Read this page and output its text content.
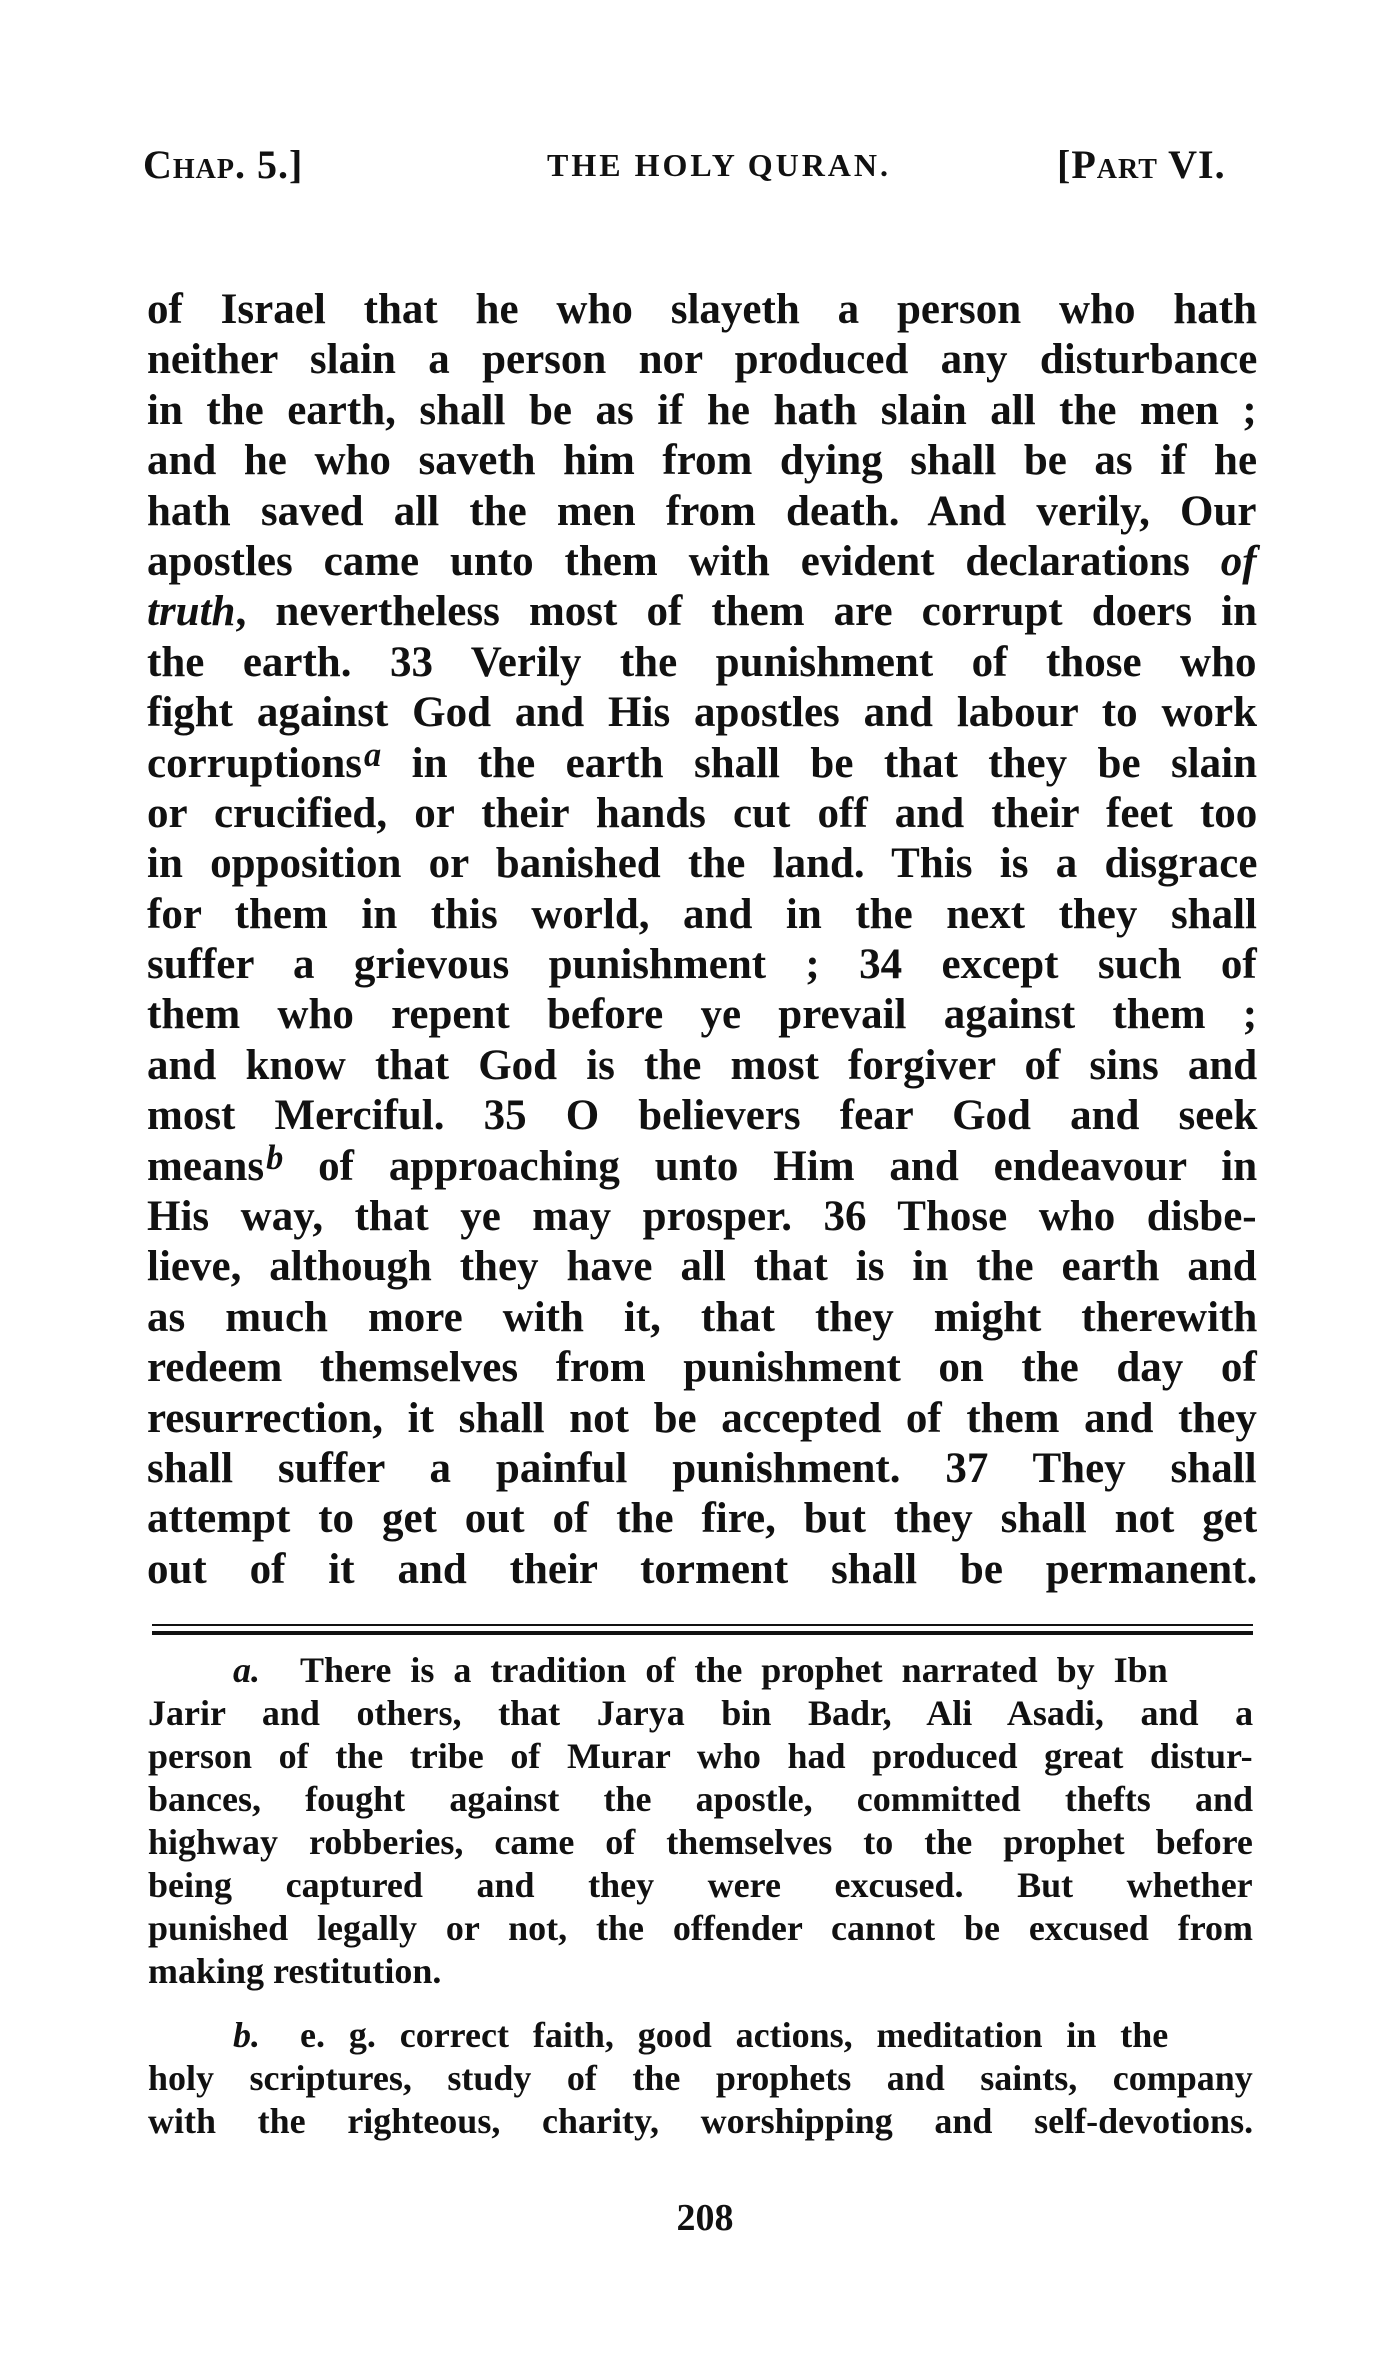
Chap. 5.]	THE HOLY QURAN.	[Part VI.
of Israel that he who slayeth a person who hath
neither slain a person nor produced any disturbance
in the earth, shall be as if he hath slain all the men ;
and he who saveth him from dying shall be as if he
hath saved all the men from death. And verily, Our
apostles came unto them with evident declarations of
truth, nevertheless most of them are corrupt doers in
the earth. 33 Verily the punishment of those who
fight against God and His apostles and labour to work
corruptions$^a$ in the earth shall be that they be slain
or crucified, or their hands cut off and their feet too
in opposition or banished the land. This is a disgrace
for them in this world, and in the next they shall
suffer a grievous punishment ; 34 except such of
them who repent before ye prevail against them ;
and know that God is the most forgiver of sins and
most Merciful. 35 O believers fear God and seek
means$^b$ of approaching unto Him and endeavour in
His way, that ye may prosper. 36 Those who disbe-
lieve, although they have all that is in the earth and
as much more with it, that they might therewith
redeem themselves from punishment on the day of
resurrection, it shall not be accepted of them and they
shall suffer a painful punishment. 37 They shall
attempt to get out of the fire, but they shall not get
out of it and their torment shall be permanent.
a. There is a tradition of the prophet narrated by Ibn
Jarir and others, that Jarya bin Badr, Ali Asadi, and a
person of the tribe of Murar who had produced great distur-
bances, fought against the apostle, committed thefts and
highway robberies, came of themselves to the prophet before
being captured and they were excused. But whether
punished legally or not, the offender cannot be excused from
making restitution.
b. e. g. correct faith, good actions, meditation in the
holy scriptures, study of the prophets and saints, company
with the righteous, charity, worshipping and self-devotions.
208
